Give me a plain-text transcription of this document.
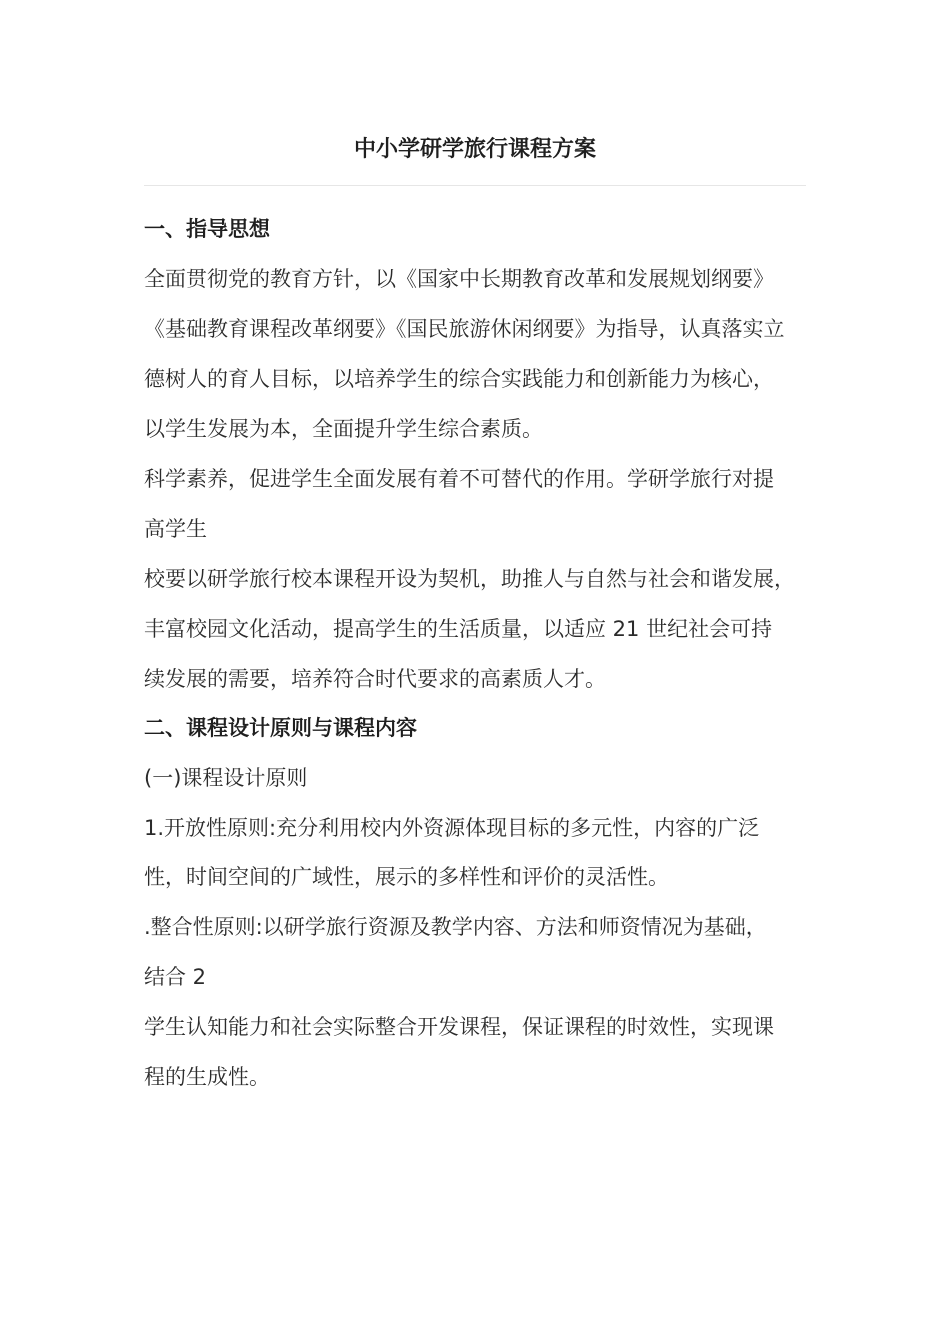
中小学研学旅行课程方案
一、指导思想
全面贯彻党的教育方针，以《国家中长期教育改革和发展规划纲要》
《基础教育课程改革纲要》《国民旅游休闲纲要》为指导，认真落实立
德树人的育人目标，以培养学生的综合实践能力和创新能力为核心，
以学生发展为本，全面提升学生综合素质。
科学素养，促进学生全面发展有着不可替代的作用。学研学旅行对提
高学生
校要以研学旅行校本课程开设为契机，助推人与自然与社会和谐发展，
丰富校园文化活动，提高学生的生活质量，以适应 21 世纪社会可持
续发展的需要，培养符合时代要求的高素质人才。
二、课程设计原则与课程内容
(一)课程设计原则
1.开放性原则:充分利用校内外资源体现目标的多元性，内容的广泛
性，时间空间的广域性，展示的多样性和评价的灵活性。
.整合性原则:以研学旅行资源及教学内容、方法和师资情况为基础，
结合 2
学生认知能力和社会实际整合开发课程，保证课程的时效性，实现课
程的生成性。
